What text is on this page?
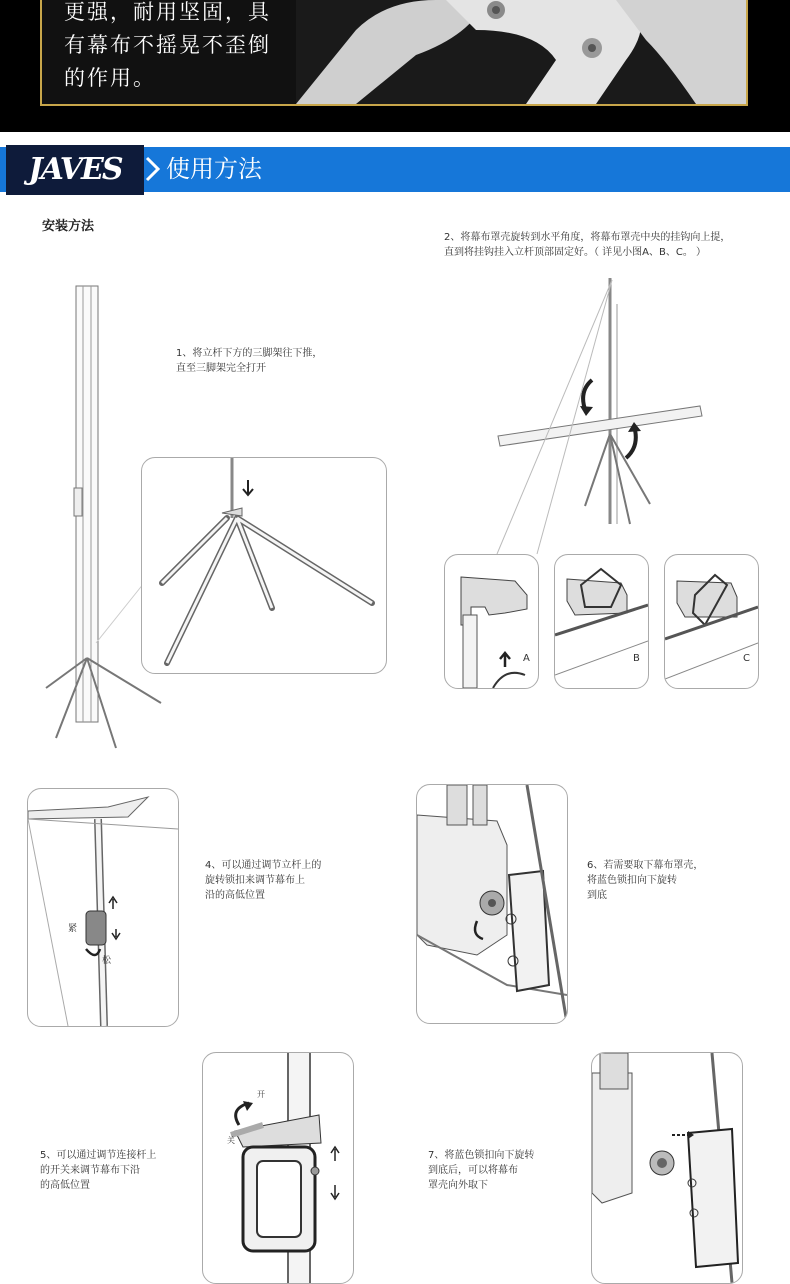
更强，耐用坚固，具
有幕布不摇晃不歪倒
的作用。
JAVES	使用方法
安装方法
1、将立杆下方的三脚架往下推，
直至三脚架完全打开
2、将幕布罩壳旋转到水平角度，将幕布罩壳中央的挂钩向上提，
直到将挂钩挂入立杆顶部固定好。（ 详见小图A、B、C。 ）
A	B	C
紧
松
4、可以通过调节立杆上的
旋转锁扣来调节幕布上
沿的高低位置
6、若需要取下幕布罩壳，
将蓝色锁扣向下旋转
到底
5、可以通过调节连接杆上
的开关来调节幕布下沿
的高低位置
开
关
7、将蓝色锁扣向下旋转
到底后，可以将幕布
罩壳向外取下
